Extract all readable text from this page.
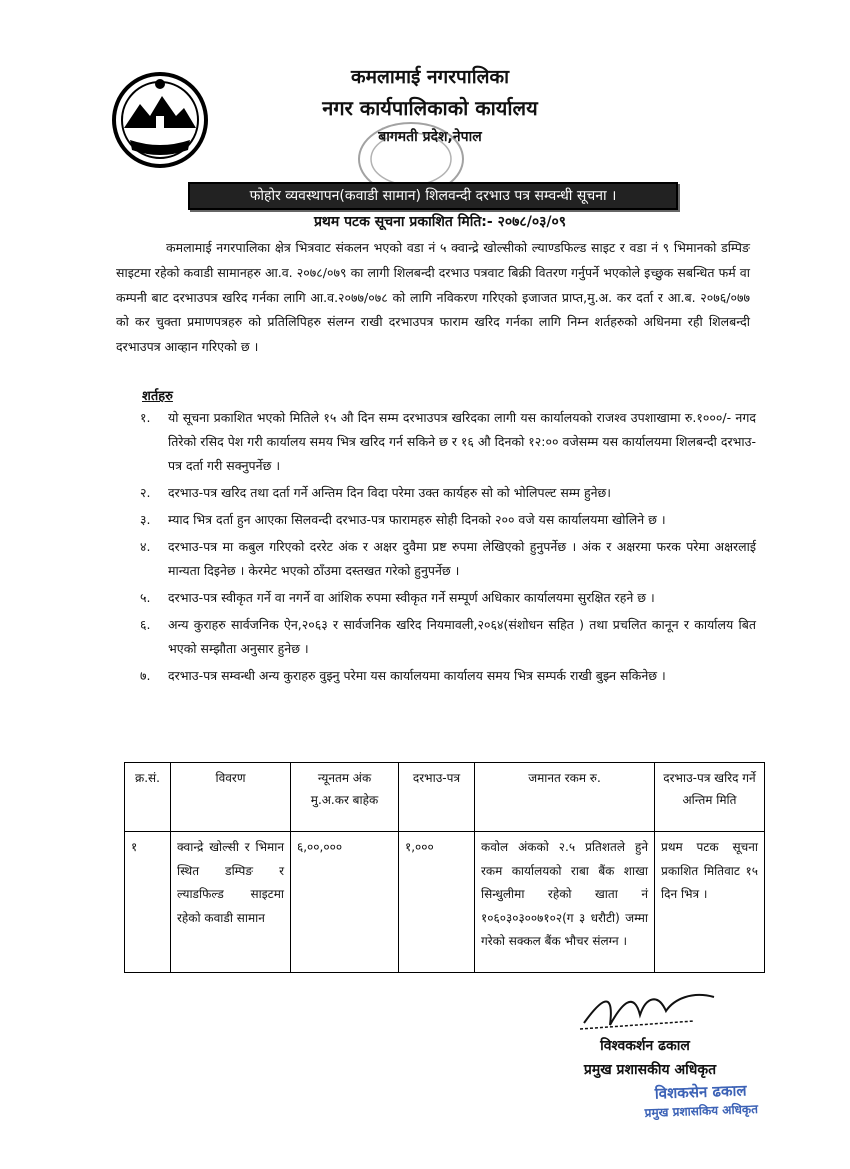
कमलामाई नगरपालिका
नगर कार्यपालिकाको कार्यालय
बागमती प्रदेश,नेपाल
फोहोर व्यवस्थापन(कवाडी सामान) शिलवन्दी दरभाउ पत्र सम्वन्धी सूचना ।
प्रथम पटक सूचना प्रकाशित मिति:- २०७८/०३/०९
कमलामाई नगरपालिका क्षेत्र भित्रवाट संकलन भएको वडा नं ५ क्वान्द्रे खोल्सीको ल्याण्डफिल्ड साइट र वडा नं ९ भिमानको डम्पिङ साइटमा रहेको कवाडी सामानहरु आ.व. २०७८/०७९ का लागी शिलबन्दी दरभाउ पत्रवाट बिक्री वितरण गर्नुपर्ने भएकोले इच्छुक सबन्धित फर्म वा कम्पनी बाट दरभाउपत्र खरिद गर्नका लागि आ.व.२०७७/०७८ को लागि नविकरण गरिएको इजाजत प्राप्त,मु.अ. कर दर्ता र आ.ब. २०७६/०७७ को कर चुक्ता प्रमाणपत्रहरु को प्रतिलिपिहरु संलग्न राखी दरभाउपत्र फाराम खरिद गर्नका लागि निम्न शर्तहरुको अधिनमा रही शिलबन्दी दरभाउपत्र आव्हान गरिएको छ ।
शर्तहरु
१. यो सूचना प्रकाशित भएको मितिले १५ औ दिन सम्म दरभाउपत्र खरिदका लागी यस कार्यालयको राजश्व उपशाखामा रु.१०००/- नगद तिरेको रसिद पेश गरी कार्यालय समय भित्र खरिद गर्न सकिने छ र १६ औ दिनको १२:०० वजेसम्म यस कार्यालयमा शिलबन्दी दरभाउ-पत्र दर्ता गरी सक्नुपर्नेछ ।
२. दरभाउ-पत्र खरिद तथा दर्ता गर्ने अन्तिम दिन विदा परेमा उक्त कार्यहरु सो को भोलिपल्ट सम्म हुनेछ।
३. म्याद भित्र दर्ता हुन आएका सिलवन्दी दरभाउ-पत्र फारामहरु सोही दिनको २०० वजे यस कार्यालयमा खोलिने छ ।
४. दरभाउ-पत्र मा कबुल गरिएको दररेट अंक र अक्षर दुवैमा प्रष्ट रुपमा लेखिएको हुनुपर्नेछ । अंक र अक्षरमा फरक परेमा अक्षरलाई मान्यता दिइनेछ । केरमेट भएको ठाँउमा दस्तखत गरेको हुनुपर्नेछ ।
५. दरभाउ-पत्र स्वीकृत गर्ने वा नगर्ने वा आंशिक रुपमा स्वीकृत गर्ने सम्पूर्ण अधिकार कार्यालयमा सुरक्षित रहने छ ।
६. अन्य कुराहरु सार्वजनिक ऐन,२०६३ र सार्वजनिक खरिद नियमावली,२०६४(संशोधन सहित ) तथा प्रचलित कानून र कार्यालय बित भएको सम्झौता अनुसार हुनेछ ।
७. दरभाउ-पत्र सम्वन्धी अन्य कुराहरु वुझ्नु परेमा यस कार्यालयमा कार्यालय समय भित्र सम्पर्क राखी बुझ्न सकिनेछ ।
क्र.सं.	विवरण	न्यूनतम अंक मु.अ.कर बाहेक	दरभाउ-पत्र	जमानत रकम रु.	दरभाउ-पत्र खरिद गर्ने अन्तिम मिति
१	क्वान्द्रे खोल्सी र भिमान स्थित डम्पिङ र ल्याडफिल्ड साइटमा रहेको कवाडी सामान	६,००,०००	१,०००	कवोल अंकको २.५ प्रतिशतले हुने रकम कार्यालयको राबा बैंक शाखा सिन्धुलीमा रहेको खाता नं १०६०३०३००७१०२(ग ३ धरौटी) जम्मा गरेको सक्कल बैंक भौचर संलग्न ।	प्रथम पटक सूचना प्रकाशित मितिवाट १५ दिन भित्र ।
विश्वकर्शन ढकाल
प्रमुख प्रशासकीय अधिकृत
विशकसेन ढकाल
प्रमुख प्रशासकिय अधिकृत
